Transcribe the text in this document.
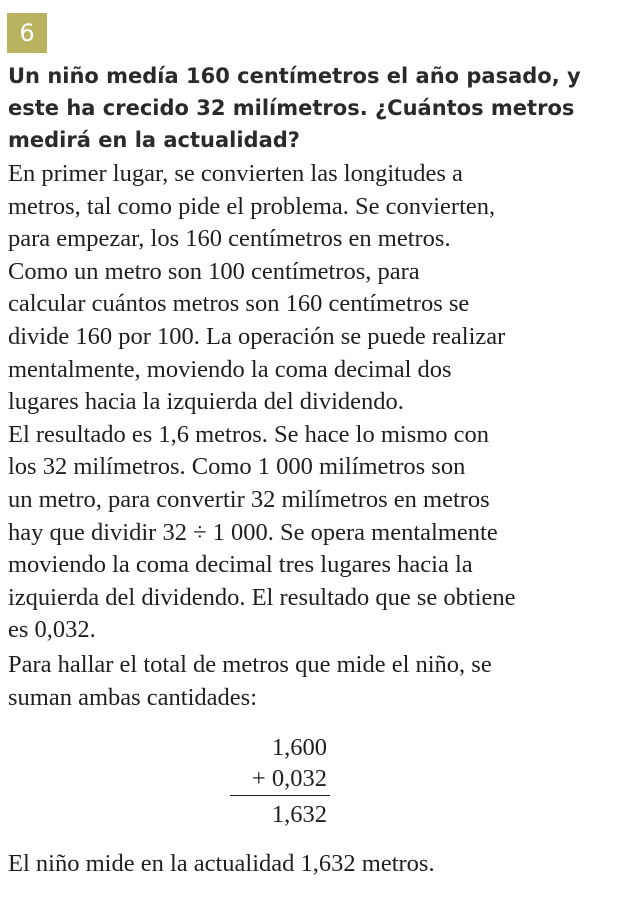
6
Un niño medía 160 centímetros el año pasado, y
este ha crecido 32 milímetros. ¿Cuántos metros
medirá en la actualidad?
En primer lugar, se convierten las longitudes a
metros, tal como pide el problema. Se convierten,
para empezar, los 160 centímetros en metros.
Como un metro son 100 centímetros, para
calcular cuántos metros son 160 centímetros se
divide 160 por 100. La operación se puede realizar
mentalmente, moviendo la coma decimal dos
lugares hacia la izquierda del dividendo.
El resultado es 1,6 metros. Se hace lo mismo con
los 32 milímetros. Como 1 000 milímetros son
un metro, para convertir 32 milímetros en metros
hay que dividir 32 ÷ 1 000. Se opera mentalmente
moviendo la coma decimal tres lugares hacia la
izquierda del dividendo. El resultado que se obtiene
es 0,032.
Para hallar el total de metros que mide el niño, se
suman ambas cantidades:
1,600
+ 0,032
1,632
El niño mide en la actualidad 1,632 metros.
